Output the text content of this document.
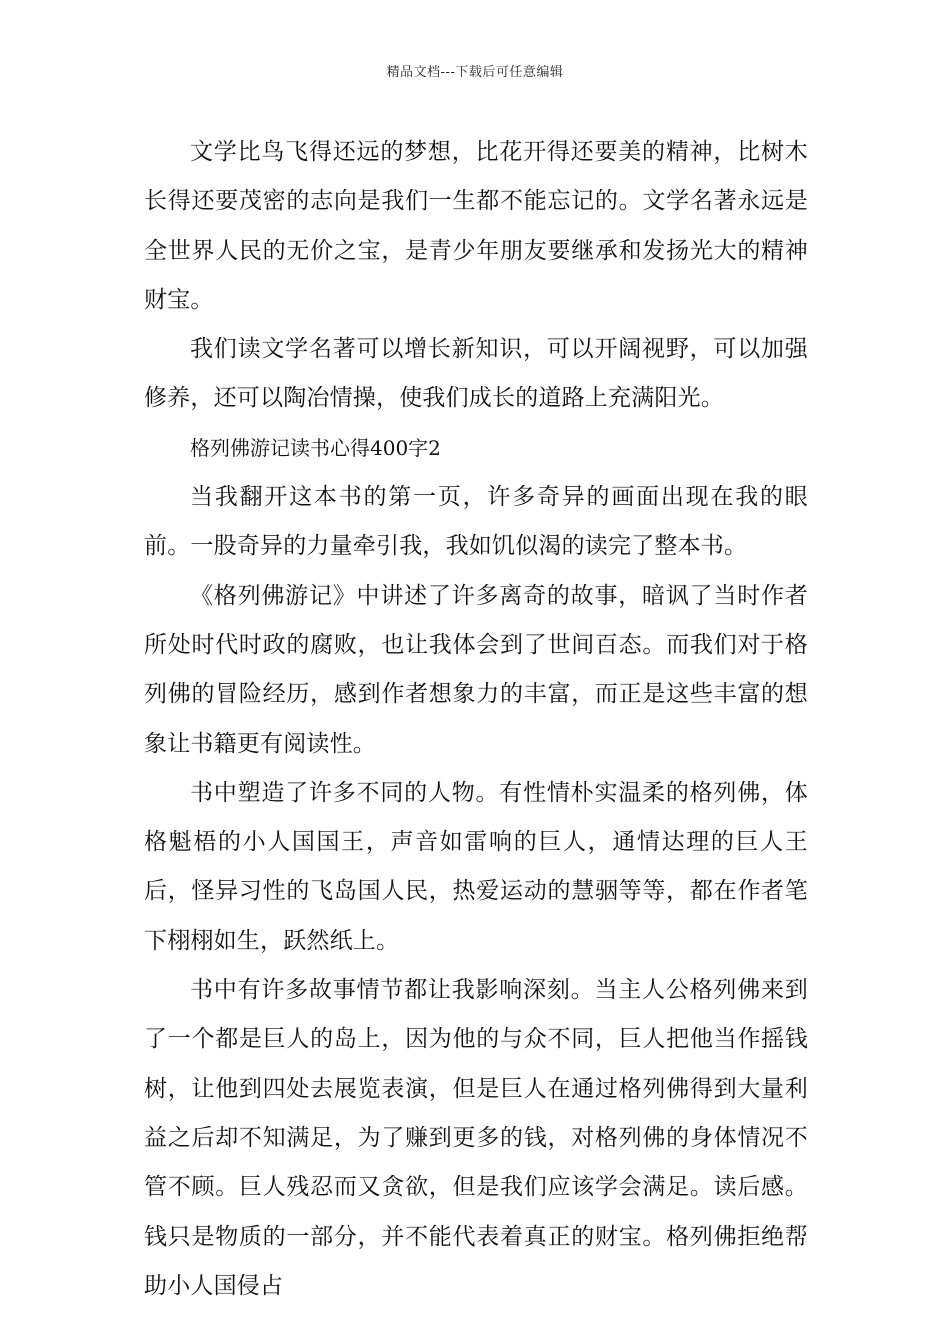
精品文档---下载后可任意编辑

文学比鸟飞得还远的梦想，比花开得还要美的精神，比树木长得还要茂密的志向是我们一生都不能忘记的。文学名著永远是全世界人民的无价之宝，是青少年朋友要继承和发扬光大的精神财宝。

我们读文学名著可以增长新知识，可以开阔视野，可以加强修养，还可以陶冶情操，使我们成长的道路上充满阳光。

格列佛游记读书心得400字2

当我翻开这本书的第一页，许多奇异的画面出现在我的眼前。一股奇异的力量牵引我，我如饥似渴的读完了整本书。

《格列佛游记》中讲述了许多离奇的故事，暗讽了当时作者所处时代时政的腐败，也让我体会到了世间百态。而我们对于格列佛的冒险经历，感到作者想象力的丰富，而正是这些丰富的想象让书籍更有阅读性。

书中塑造了许多不同的人物。有性情朴实温柔的格列佛，体格魁梧的小人国国王，声音如雷响的巨人，通情达理的巨人王后，怪异习性的飞岛国人民，热爱运动的慧骃等等，都在作者笔下栩栩如生，跃然纸上。

书中有许多故事情节都让我影响深刻。当主人公格列佛来到了一个都是巨人的岛上，因为他的与众不同，巨人把他当作摇钱树，让他到四处去展览表演，但是巨人在通过格列佛得到大量利益之后却不知满足，为了赚到更多的钱，对格列佛的身体情况不管不顾。巨人残忍而又贪欲，但是我们应该学会满足。读后感。钱只是物质的一部分，并不能代表着真正的财宝。格列佛拒绝帮助小人国侵占
